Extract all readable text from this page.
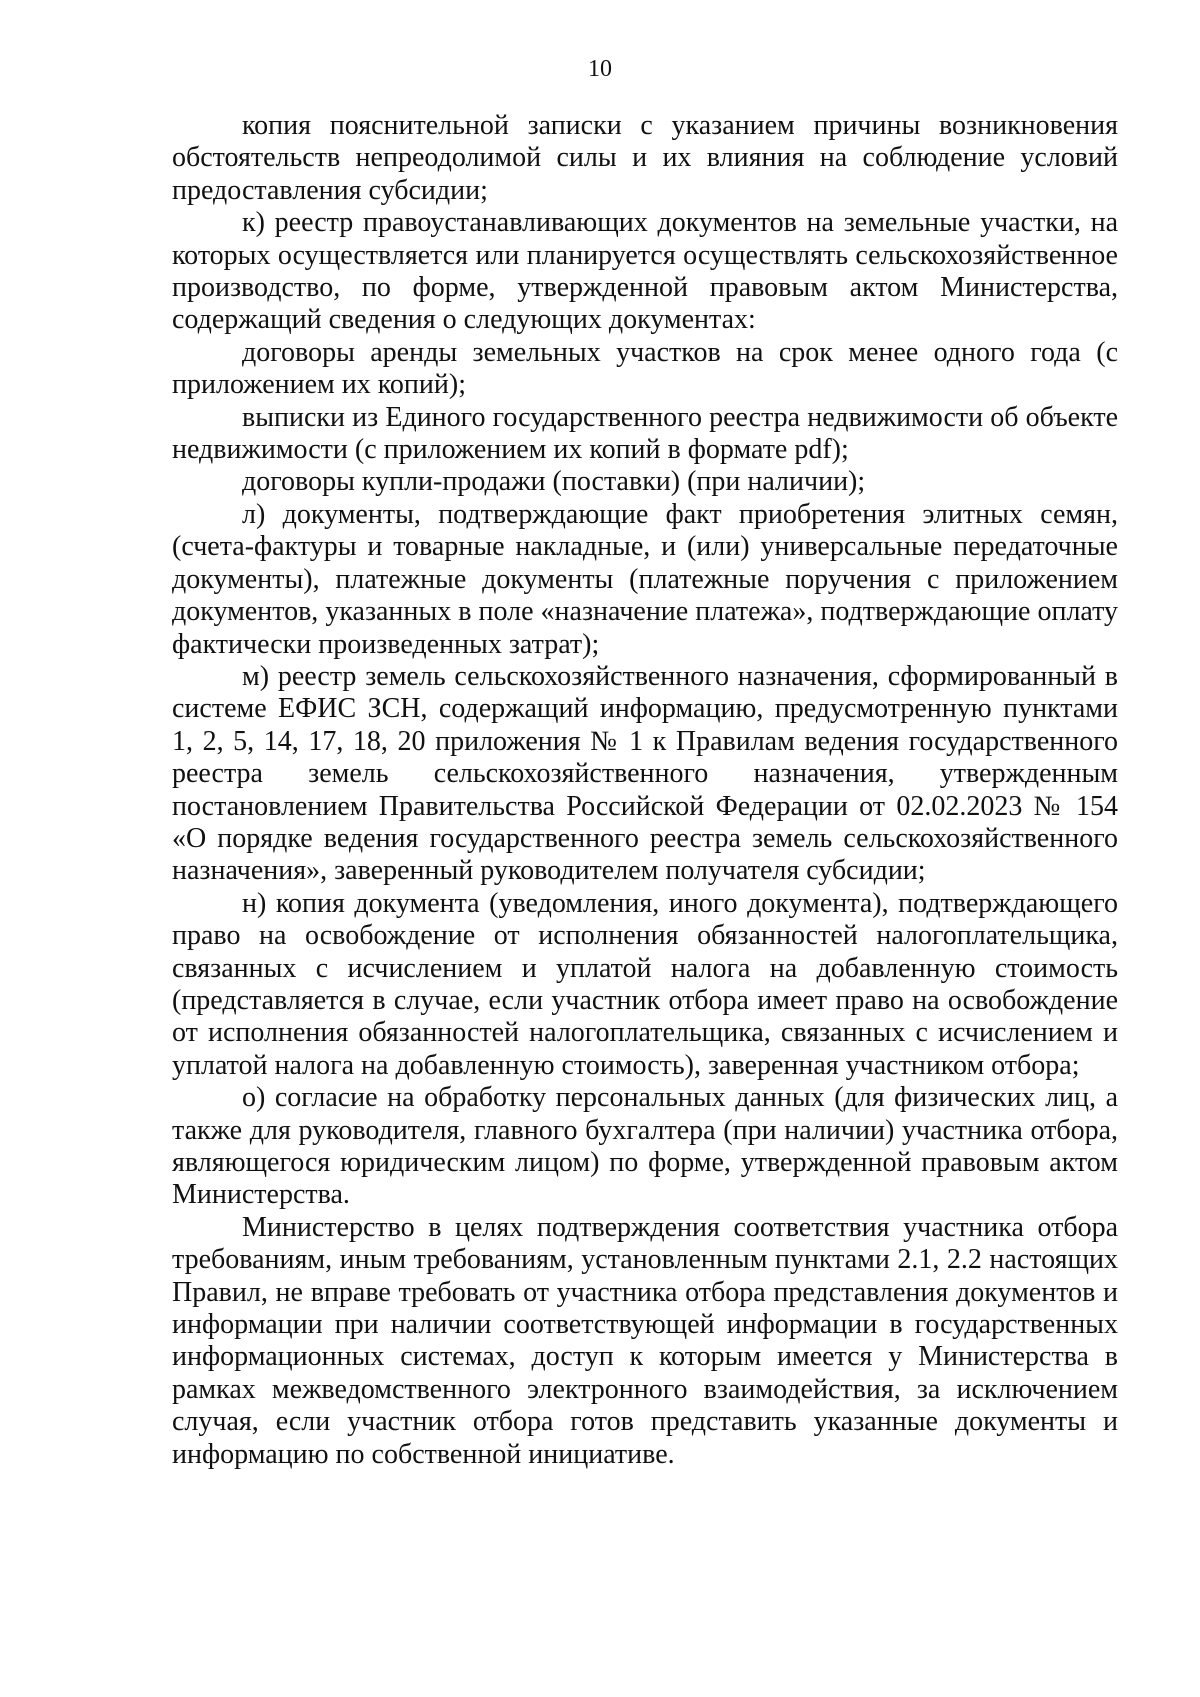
10

копия пояснительной записки с указанием причины возникновения обстоятельств непреодолимой силы и их влияния на соблюдение условий предоставления субсидии;

к) реестр правоустанавливающих документов на земельные участки, на которых осуществляется или планируется осуществлять сельскохозяйственное производство, по форме, утвержденной правовым актом Министерства, содержащий сведения о следующих документах:

договоры аренды земельных участков на срок менее одного года (с приложением их копий);

выписки из Единого государственного реестра недвижимости об объекте недвижимости (с приложением их копий в формате pdf);

договоры купли-продажи (поставки) (при наличии);

л) документы, подтверждающие факт приобретения элитных семян, (счета-фактуры и товарные накладные, и (или) универсальные передаточные документы), платежные документы (платежные поручения с приложением документов, указанных в поле «назначение платежа», подтверждающие оплату фактически произведенных затрат);

м) реестр земель сельскохозяйственного назначения, сформированный в системе ЕФИС ЗСН, содержащий информацию, предусмотренную пунктами 1, 2, 5, 14, 17, 18, 20 приложения № 1 к Правилам ведения государственного реестра земель сельскохозяйственного назначения, утвержденным постановлением Правительства Российской Федерации от 02.02.2023 № 154 «О порядке ведения государственного реестра земель сельскохозяйственного назначения», заверенный руководителем получателя субсидии;

н) копия документа (уведомления, иного документа), подтверждающего право на освобождение от исполнения обязанностей налогоплательщика, связанных с исчислением и уплатой налога на добавленную стоимость (представляется в случае, если участник отбора имеет право на освобождение от исполнения обязанностей налогоплательщика, связанных с исчислением и уплатой налога на добавленную стоимость), заверенная участником отбора;

о) согласие на обработку персональных данных (для физических лиц, а также для руководителя, главного бухгалтера (при наличии) участника отбора, являющегося юридическим лицом) по форме, утвержденной правовым актом Министерства.

Министерство в целях подтверждения соответствия участника отбора требованиям, иным требованиям, установленным пунктами 2.1, 2.2 настоящих Правил, не вправе требовать от участника отбора представления документов и информации при наличии соответствующей информации в государственных информационных системах, доступ к которым имеется у Министерства в рамках межведомственного электронного взаимодействия, за исключением случая, если участник отбора готов представить указанные документы и информацию по собственной инициативе.
